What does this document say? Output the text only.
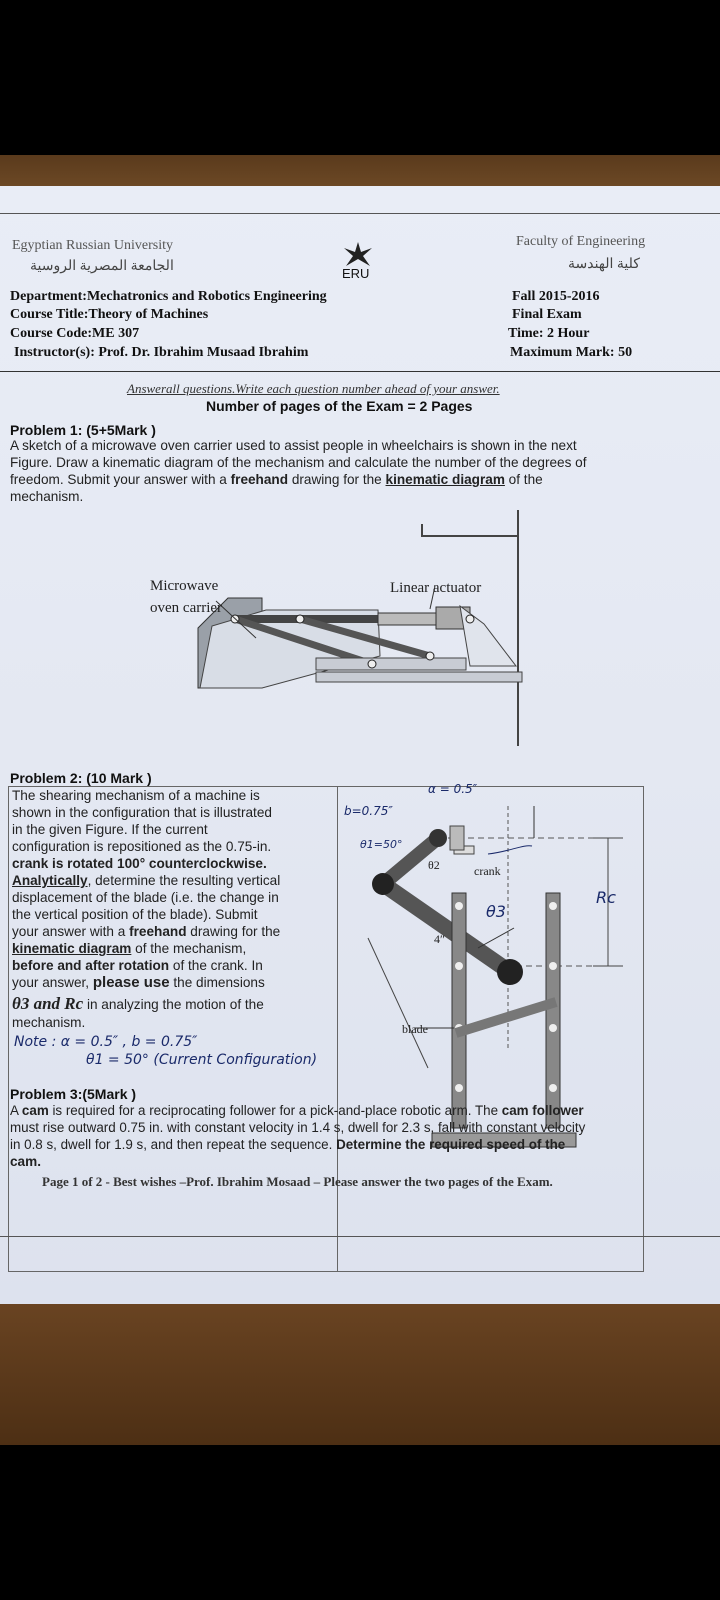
Egyptian Russian University
الجامعة المصرية الروسية	ERU
Faculty of Engineering
كلية الهندسة
Department:Mechatronics and Robotics Engineering
Course Title:Theory of Machines
Course Code:ME 307
Instructor(s): Prof. Dr. Ibrahim Musaad Ibrahim
Fall 2015-2016
Final Exam
Time: 2 Hour
Maximum Mark: 50
Answerall questions.Write each question number ahead of your answer.
Number of pages of the Exam = 2 Pages
Problem 1: (5+5Mark )
A sketch of a microwave oven carrier used to assist people in wheelchairs is shown in the next
Figure. Draw a kinematic diagram of the mechanism and calculate the number of the degrees of
freedom. Submit your answer with a freehand drawing for the kinematic diagram of the
mechanism.
Microwave
oven carrier
Linear actuator
Problem 2: (10 Mark )
The shearing mechanism of a machine is
shown in the configuration that is illustrated
in the given Figure. If the current
configuration is repositioned as the 0.75-in.
crank is rotated 100° counterclockwise.
Analytically, determine the resulting vertical
displacement of the blade (i.e. the change in
the vertical position of the blade). Submit
your answer with a freehand drawing for the
kinematic diagram of the mechanism,
before and after rotation of the crank. In
your answer, please use the dimensions
θ3 and Rc in analyzing the motion of the
mechanism.
Note : α = 0.5″ , b = 0.75″
θ1 = 50° (Current Configuration)
α = 0.5″
b=0.75″
θ1=50°
θ2	crank
θ3
Rc
4″
blade
Problem 3:(5Mark )
A cam is required for a reciprocating follower for a pick-and-place robotic arm. The cam follower
must rise outward 0.75 in. with constant velocity in 1.4 s, dwell for 2.3 s, fall with constant velocity
in 0.8 s, dwell for 1.9 s, and then repeat the sequence. Determine the required speed of the
cam.
Page 1 of 2 - Best wishes –Prof. Ibrahim Mosaad – Please answer the two pages of the Exam.
